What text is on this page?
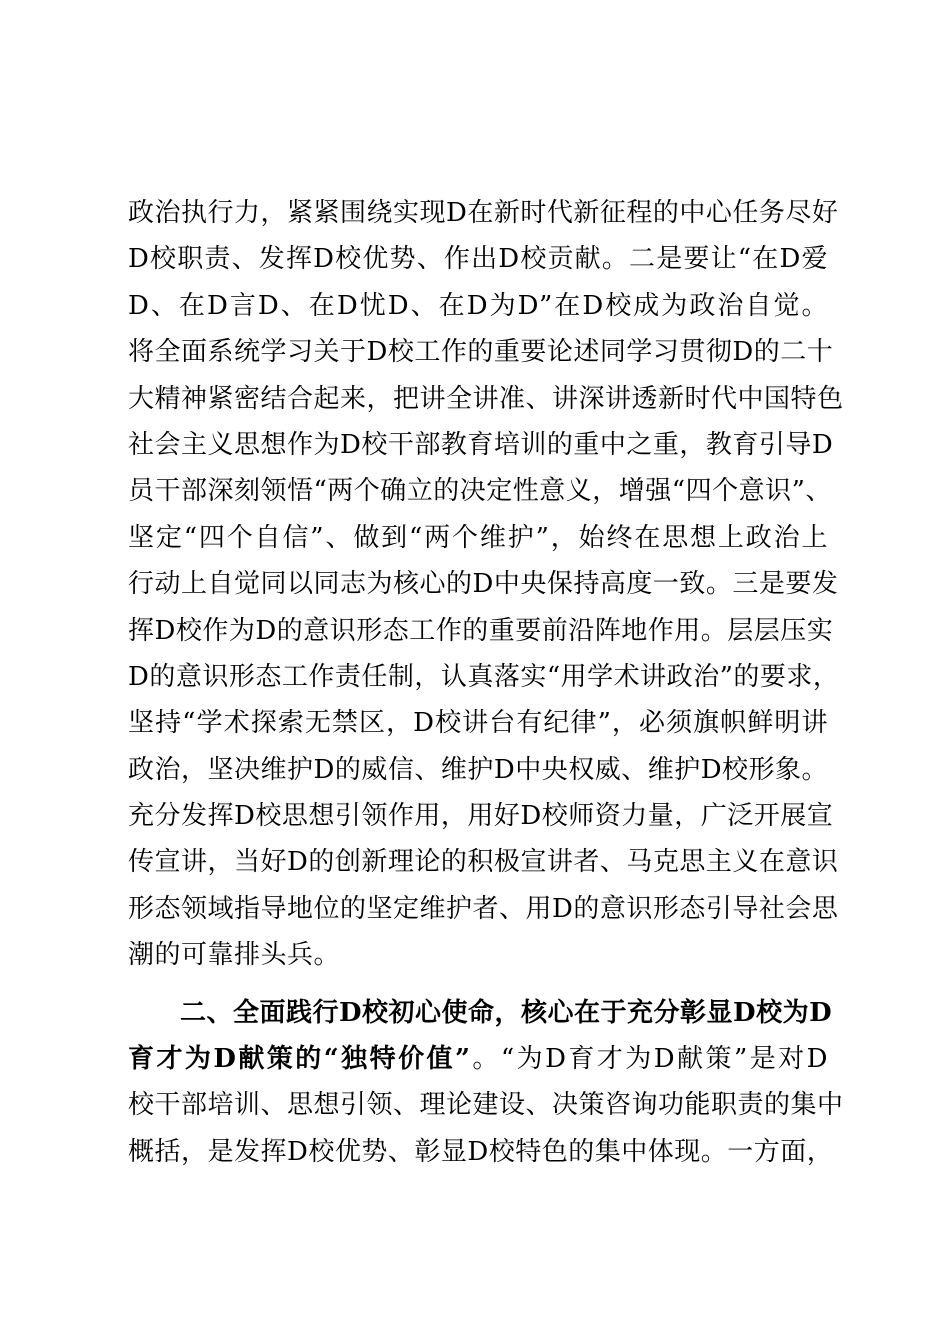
政治执行力，紧紧围绕实现D在新时代新征程的中心任务尽好
D校职责、发挥D校优势、作出D校贡献。二是要让“在D爱
D、在D言D、在D忧D、在D为D”在D校成为政治自觉。
将全面系统学习关于D校工作的重要论述同学习贯彻D的二十
大精神紧密结合起来，把讲全讲准、讲深讲透新时代中国特色
社会主义思想作为D校干部教育培训的重中之重，教育引导D
员干部深刻领悟“两个确立的决定性意义，增强“四个意识”、
坚定“四个自信”、做到“两个维护”，始终在思想上政治上
行动上自觉同以同志为核心的D中央保持高度一致。三是要发
挥D校作为D的意识形态工作的重要前沿阵地作用。层层压实
D的意识形态工作责任制，认真落实“用学术讲政治”的要求，
坚持“学术探索无禁区，D校讲台有纪律”，必须旗帜鲜明讲
政治，坚决维护D的威信、维护D中央权威、维护D校形象。
充分发挥D校思想引领作用，用好D校师资力量，广泛开展宣
传宣讲，当好D的创新理论的积极宣讲者、马克思主义在意识
形态领域指导地位的坚定维护者、用D的意识形态引导社会思
潮的可靠排头兵。
二、全面践行D校初心使命，核心在于充分彰显D校为D
育才为D献策的“独特价值”。“为D育才为D献策”是对D
校干部培训、思想引领、理论建设、决策咨询功能职责的集中
概括，是发挥D校优势、彰显D校特色的集中体现。一方面，
